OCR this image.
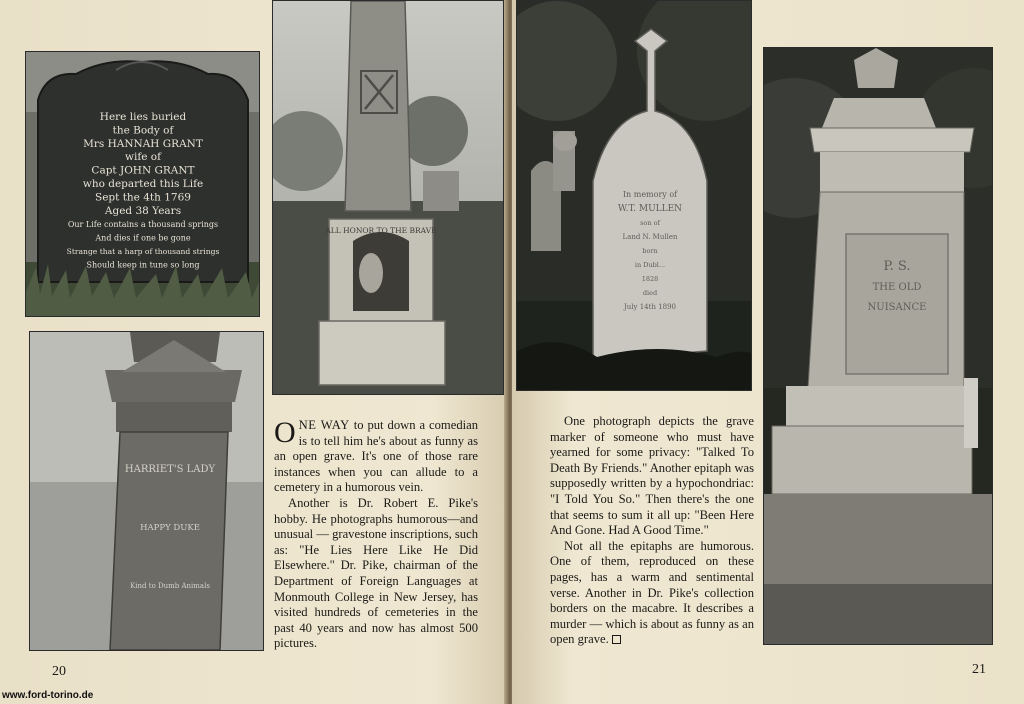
Here lies buried
the Body of
Mrs HANNAH GRANT
wife of
Capt JOHN GRANT
who departed this Life
Sept the 4th 1769
Aged 38 Years
Our Life contains a thousand springs
And dies if one be gone
Strange that a harp of thousand strings
Should keep in tune so long
ALL HONOR TO THE BRAVE
HARRIET'S LADY
HAPPY DUKE
Kind to Dumb Animals

ONE WAY to put down a comedian is to tell him he's about as funny as an open grave. It's one of those rare instances when you can allude to a cemetery in a humorous vein.

Another is Dr. Robert E. Pike's hobby. He photographs humorous—and unusual — gravestone inscriptions, such as: "He Lies Here Like He Did Elsewhere." Dr. Pike, chairman of the Department of Foreign Languages at Monmouth College in New Jersey, has visited hundreds of cemeteries in the past 40 years and now has almost 500 pictures.

20
In memory of
W.T. MULLEN
son of
Land N. Mullen
born
in Dubl...
1828
died
July 14th 1890
P. S.
THE OLD
NUISANCE

One photograph depicts the grave marker of someone who must have yearned for some privacy: "Talked To Death By Friends." Another epitaph was supposedly written by a hypochondriac: "I Told You So." Then there's the one that seems to sum it all up: "Been Here And Gone. Had A Good Time."

Not all the epitaphs are humorous. One of them, reproduced on these pages, has a warm and sentimental verse. Another in Dr. Pike's collection borders on the macabre. It describes a murder — which is about as funny as an open grave.

21
www.ford-torino.de
